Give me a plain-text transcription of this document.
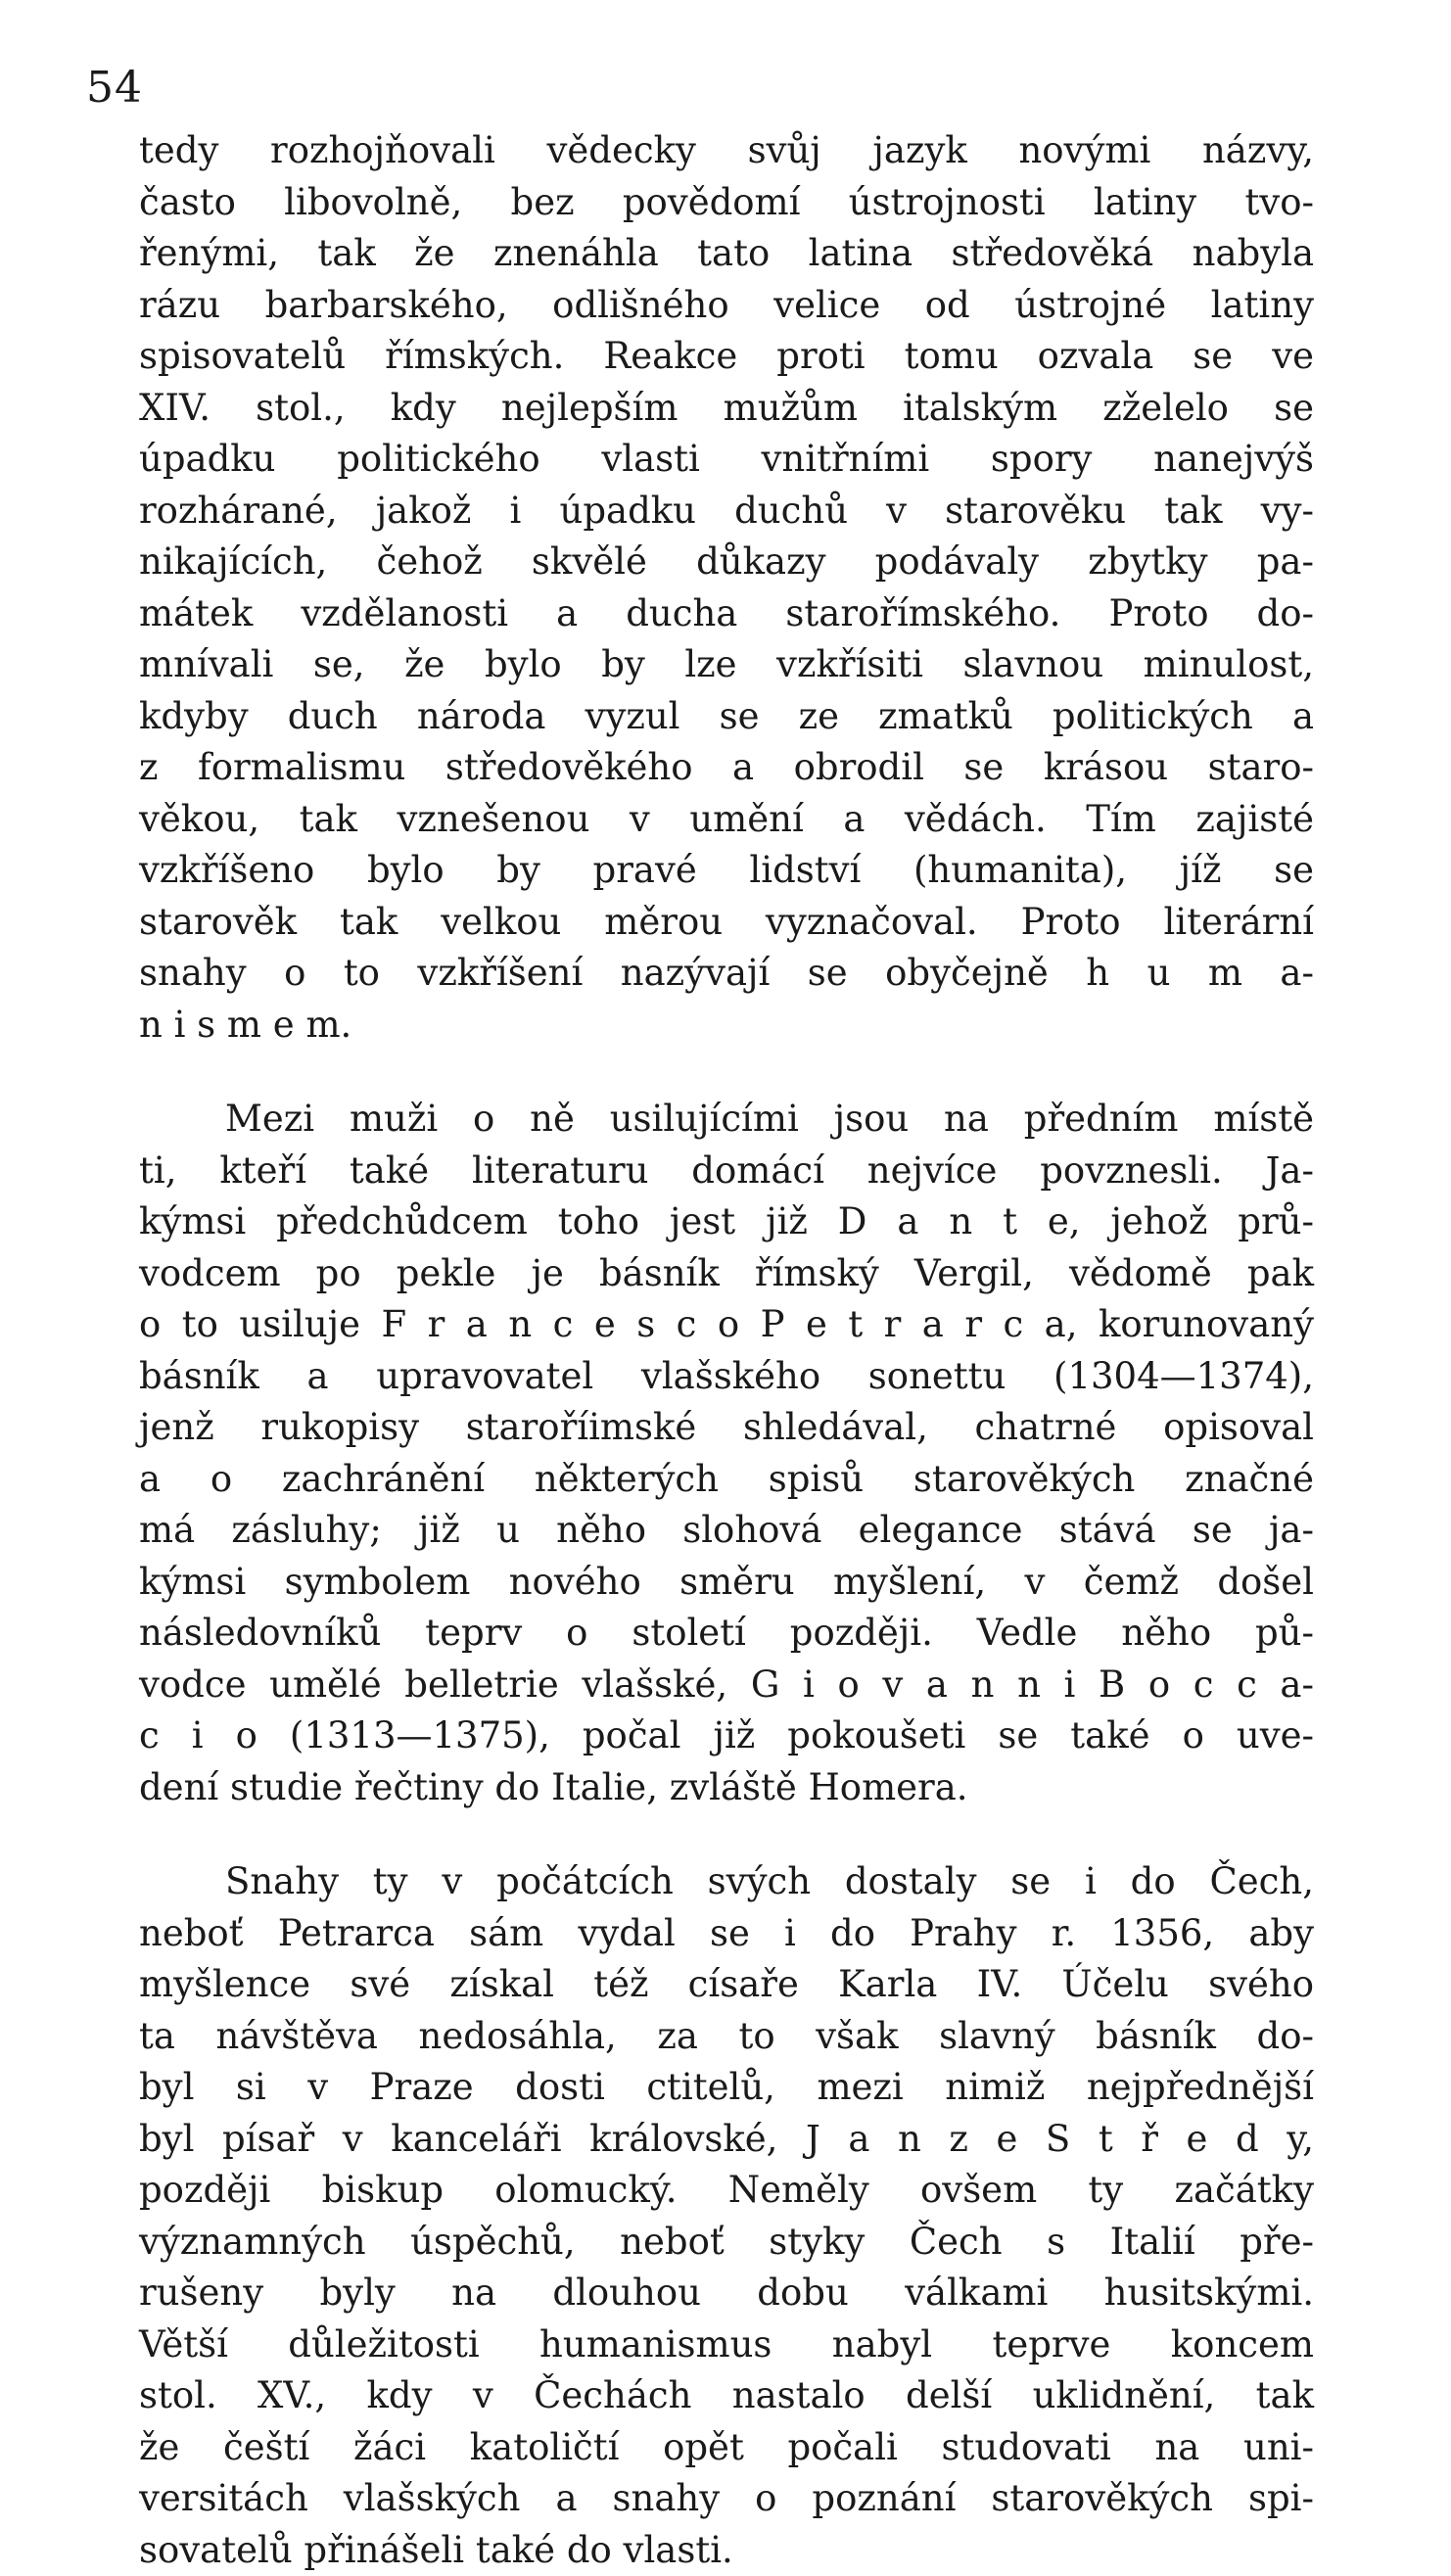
54

tedy rozhojňovali vědecky svůj jazyk novými názvy,
často libovolně, bez povědomí ústrojnosti latiny tvo-
řenými, tak že znenáhla tato latina středověká nabyla
rázu barbarského, odlišného velice od ústrojné latiny
spisovatelů římských. Reakce proti tomu ozvala se ve
XIV. stol., kdy nejlepším mužům italským zželelo se
úpadku politického vlasti vnitřními spory nanejvýš
rozhárané, jakož i úpadku duchů v starověku tak vy-
nikajících, čehož skvělé důkazy podávaly zbytky pa-
mátek vzdělanosti a ducha starořímského. Proto do-
mnívali se, že bylo by lze vzkřísiti slavnou minulost,
kdyby duch národa vyzul se ze zmatků politických a
z formalismu středověkého a obrodil se krásou staro-
věkou, tak vznešenou v umění a vědách. Tím zajisté
vzkříšeno bylo by pravé lidství (humanita), jíž se
starověk tak velkou měrou vyznačoval. Proto literární
snahy o to vzkříšení nazývají se obyčejně h u m a-
n i s m e m.

Mezi muži o ně usilujícími jsou na předním místě
ti, kteří také literaturu domácí nejvíce povznesli. Ja-
kýmsi předchůdcem toho jest již D a n t e, jehož prů-
vodcem po pekle je básník římský Vergil, vědomě pak
o to usiluje F r a n c e s c o P e t r a r c a, korunovaný
básník a upravovatel vlašského sonettu (1304—1374),
jenž rukopisy staroříimské shledával, chatrné opisoval
a o zachránění některých spisů starověkých značné
má zásluhy; již u něho slohová elegance stává se ja-
kýmsi symbolem nového směru myšlení, v čemž došel
následovníků teprv o století později. Vedle něho pů-
vodce umělé belletrie vlašské, G i o v a n n i B o c c a-
c i o (1313—1375), počal již pokoušeti se také o uve-
dení studie řečtiny do Italie, zvláště Homera.

Snahy ty v počátcích svých dostaly se i do Čech,
neboť Petrarca sám vydal se i do Prahy r. 1356, aby
myšlence své získal též císaře Karla IV. Účelu svého
ta návštěva nedosáhla, za to však slavný básník do-
byl si v Praze dosti ctitelů, mezi nimiž nejpřednější
byl písař v kanceláři královské, J a n z e S t ř e d y,
později biskup olomucký. Neměly ovšem ty začátky
významných úspěchů, neboť styky Čech s Italií pře-
rušeny byly na dlouhou dobu válkami husitskými.
Větší důležitosti humanismus nabyl teprve koncem
stol. XV., kdy v Čechách nastalo delší uklidnění, tak
že čeští žáci katoličtí opět počali studovati na uni-
versitách vlašských a snahy o poznání starověkých spi-
sovatelů přinášeli také do vlasti.
